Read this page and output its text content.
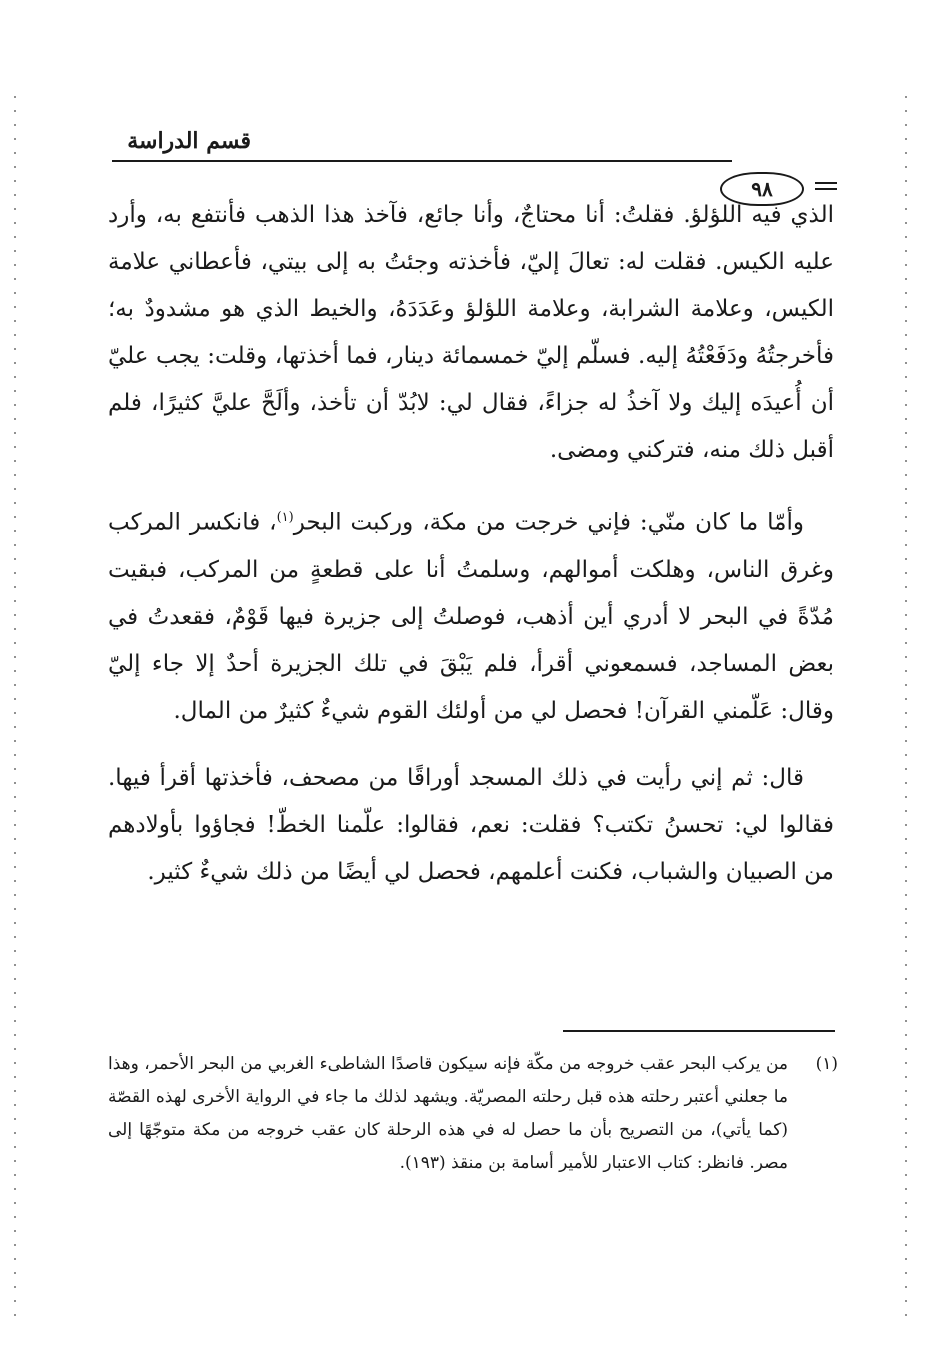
قسم الدراسة
٩٨

الذي فيه اللؤلؤ. فقلتُ: أنا محتاجٌ، وأنا جائع، فآخذ هذا الذهب فأنتفع به، وأرد عليه الكيس. فقلت له: تعالَ إليّ، فأخذته وجئتُ به إلى بيتي، فأعطاني علامة الكيس، وعلامة الشرابة، وعلامة اللؤلؤ وعَدَدَهُ، والخيط الذي هو مشدودٌ به؛ فأخرجتُهُ ودَفَعْتُهُ إليه. فسلّم إليّ خمسمائة دينار، فما أخذتها، وقلت: يجب عليّ أن أُعيدَه إليك ولا آخذُ له جزاءً، فقال لي: لابُدّ أن تأخذ، وألَحَّ عليَّ كثيرًا، فلم أقبل ذلك منه، فتركني ومضى.

وأمّا ما كان منّي: فإني خرجت من مكة، وركبت البحر$^{(١)}$، فانكسر المركب وغرق الناس، وهلكت أموالهم، وسلمتُ أنا على قطعةٍ من المركب، فبقيت مُدّةً في البحر لا أدري أين أذهب، فوصلتُ إلى جزيرة فيها قَوْمٌ، فقعدتُ في بعض المساجد، فسمعوني أقرأ، فلم يَبْقَ في تلك الجزيرة أحدٌ إلا جاء إليّ وقال: عَلّمني القرآن! فحصل لي من أولئك القوم شيءٌ كثيرٌ من المال.

قال: ثم إني رأيت في ذلك المسجد أوراقًا من مصحف، فأخذتها أقرأ فيها. فقالوا لي: تحسنُ تكتب؟ فقلت: نعم، فقالوا: علّمنا الخطّ! فجاؤوا بأولادهم من الصبيان والشباب، فكنت أعلمهم، فحصل لي أيضًا من ذلك شيءٌ كثير.

(١)
من يركب البحر عقب خروجه من مكّة فإنه سيكون قاصدًا الشاطىء الغربي من البحر الأحمر، وهذا ما جعلني أعتبر رحلته هذه قبل رحلته المصريّة. ويشهد لذلك ما جاء في الرواية الأخرى لهذه القصّة (كما يأتي)، من التصريح بأن ما حصل له في هذه الرحلة كان عقب خروجه من مكة متوجّهًا إلى مصر. فانظر: كتاب الاعتبار للأمير أسامة بن منقذ (١٩٣).
